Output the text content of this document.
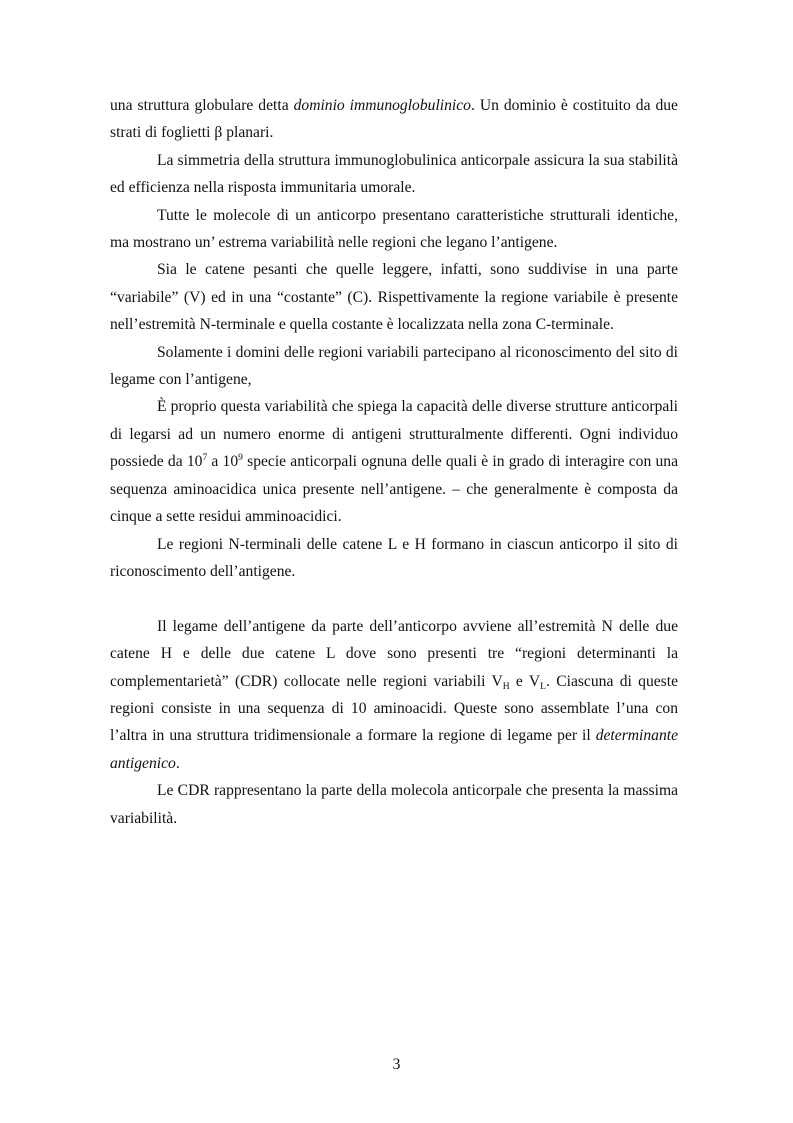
una struttura globulare detta dominio immunoglobulinico. Un dominio è costituito da due strati di foglietti β planari.

La simmetria della struttura immunoglobulinica anticorpale assicura la sua stabilità ed efficienza nella risposta immunitaria umorale.

Tutte le molecole di un anticorpo presentano caratteristiche strutturali identiche, ma mostrano un’ estrema variabilità nelle regioni che legano l’antigene.

Sia le catene pesanti che quelle leggere, infatti, sono suddivise in una parte “variabile” (V) ed in una “costante” (C). Rispettivamente la regione variabile è presente nell’estremità N-terminale e quella costante è localizzata nella zona C-terminale.

Solamente i domini delle regioni variabili partecipano al riconoscimento del sito di legame con l’antigene,

È proprio questa variabilità che spiega la capacità delle diverse strutture anticorpali di legarsi ad un numero enorme di antigeni strutturalmente differenti. Ogni individuo possiede da $10^7$ a $10^9$ specie anticorpali ognuna delle quali è in grado di interagire con una sequenza aminoacidica unica presente nell’antigene. – che generalmente è composta da cinque a sette residui amminoacidici.

Le regioni N-terminali delle catene L e H formano in ciascun anticorpo il sito di riconoscimento dell’antigene.

Il legame dell’antigene da parte dell’anticorpo avviene all’estremità N delle due catene H e delle due catene L dove sono presenti tre “regioni determinanti la complementarietà” (CDR) collocate nelle regioni variabili $V_H$ e $V_L$. Ciascuna di queste regioni consiste in una sequenza di 10 aminoacidi. Queste sono assemblate l’una con l’altra in una struttura tridimensionale a formare la regione di legame per il determinante antigenico.

Le CDR rappresentano la parte della molecola anticorpale che presenta la massima variabilità.

3
